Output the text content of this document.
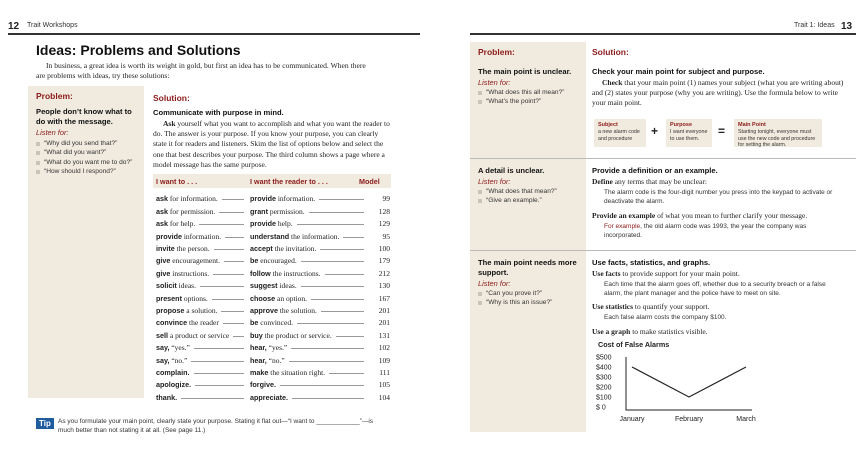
12 Trait Workshops
Ideas: Problems and Solutions
In business, a great idea is worth its weight in gold, but first an idea has to be communicated. When there
are problems with ideas, try these solutions:
Problem:
People don’t know what to do with the message.
Listen for:
“Why did you send that?”
“What did you want?”
“What do you want me to do?”
“How should I respond?”
Solution:
Communicate with purpose in mind.
Ask yourself what you want to accomplish and what you want the reader to do. The answer is your purpose. If you know your purpose, you can clearly state it for readers and listeners. Skim the list of options below and select the one that best describes your purpose. The third column shows a page where a model message has the same purpose.
I want to . . .	I want the reader to . . .	Model
ask for information.	provide information.	99
ask for permission.	grant permission.	128
ask for help.	provide help.	129
provide information.	understand the information.	95
invite the person.	accept the invitation.	100
give encouragement.	be encouraged.	179
give instructions.	follow the instructions.	212
solicit ideas.	suggest ideas.	130
present options.	choose an option.	167
propose a solution.	approve the solution.	201
convince the reader	be convinced.	201
sell a product or service	buy the product or service.	131
say, “yes.”	hear, “yes.”	102
say, “no.”	hear, “no.”	109
complain.	make the situation right.	111
apologize.	forgive.	105
thank.	appreciate.	104
Tip	As you formulate your main point, clearly state your purpose. Stating it flat out—“I want to ____________”—is
much better than not stating it at all. (See page 11.)
Trait 1: Ideas 13
Problem:	Solution:
The main point is unclear.
Listen for:
“What does this all mean?”
“What’s the point?”
Check your main point for subject and purpose.
Check that your main point (1) names your subject (what you are writing about) and (2) states your purpose (why you are writing). Use the formula below to write your main point.
Subject
a new alarm code and procedure
+ Purpose
I want everyone to use them.
= Main Point
Starting tonight, everyone must use the new code and procedure for setting the alarm.
A detail is unclear.
Listen for:
“What does that mean?”
“Give an example.”
Provide a definition or an example.
Define any terms that may be unclear:
The alarm code is the four-digit number you press into the keypad to activate or deactivate the alarm.
Provide an example of what you mean to further clarify your message.
For example, the old alarm code was 1993, the year the company was incorporated.
The main point needs more support.
Listen for:
“Can you prove it?”
“Why is this an issue?”
Use facts, statistics, and graphs.
Use facts to provide support for your main point.
Each time that the alarm goes off, whether due to a security breach or a false alarm, the plant manager and the police have to meet on site.
Use statistics to quantify your support.
Each false alarm costs the company $100.
Use a graph to make statistics visible.
Cost of False Alarms
$500
$400
$300
$200
$100
$ 0
January	February	March
